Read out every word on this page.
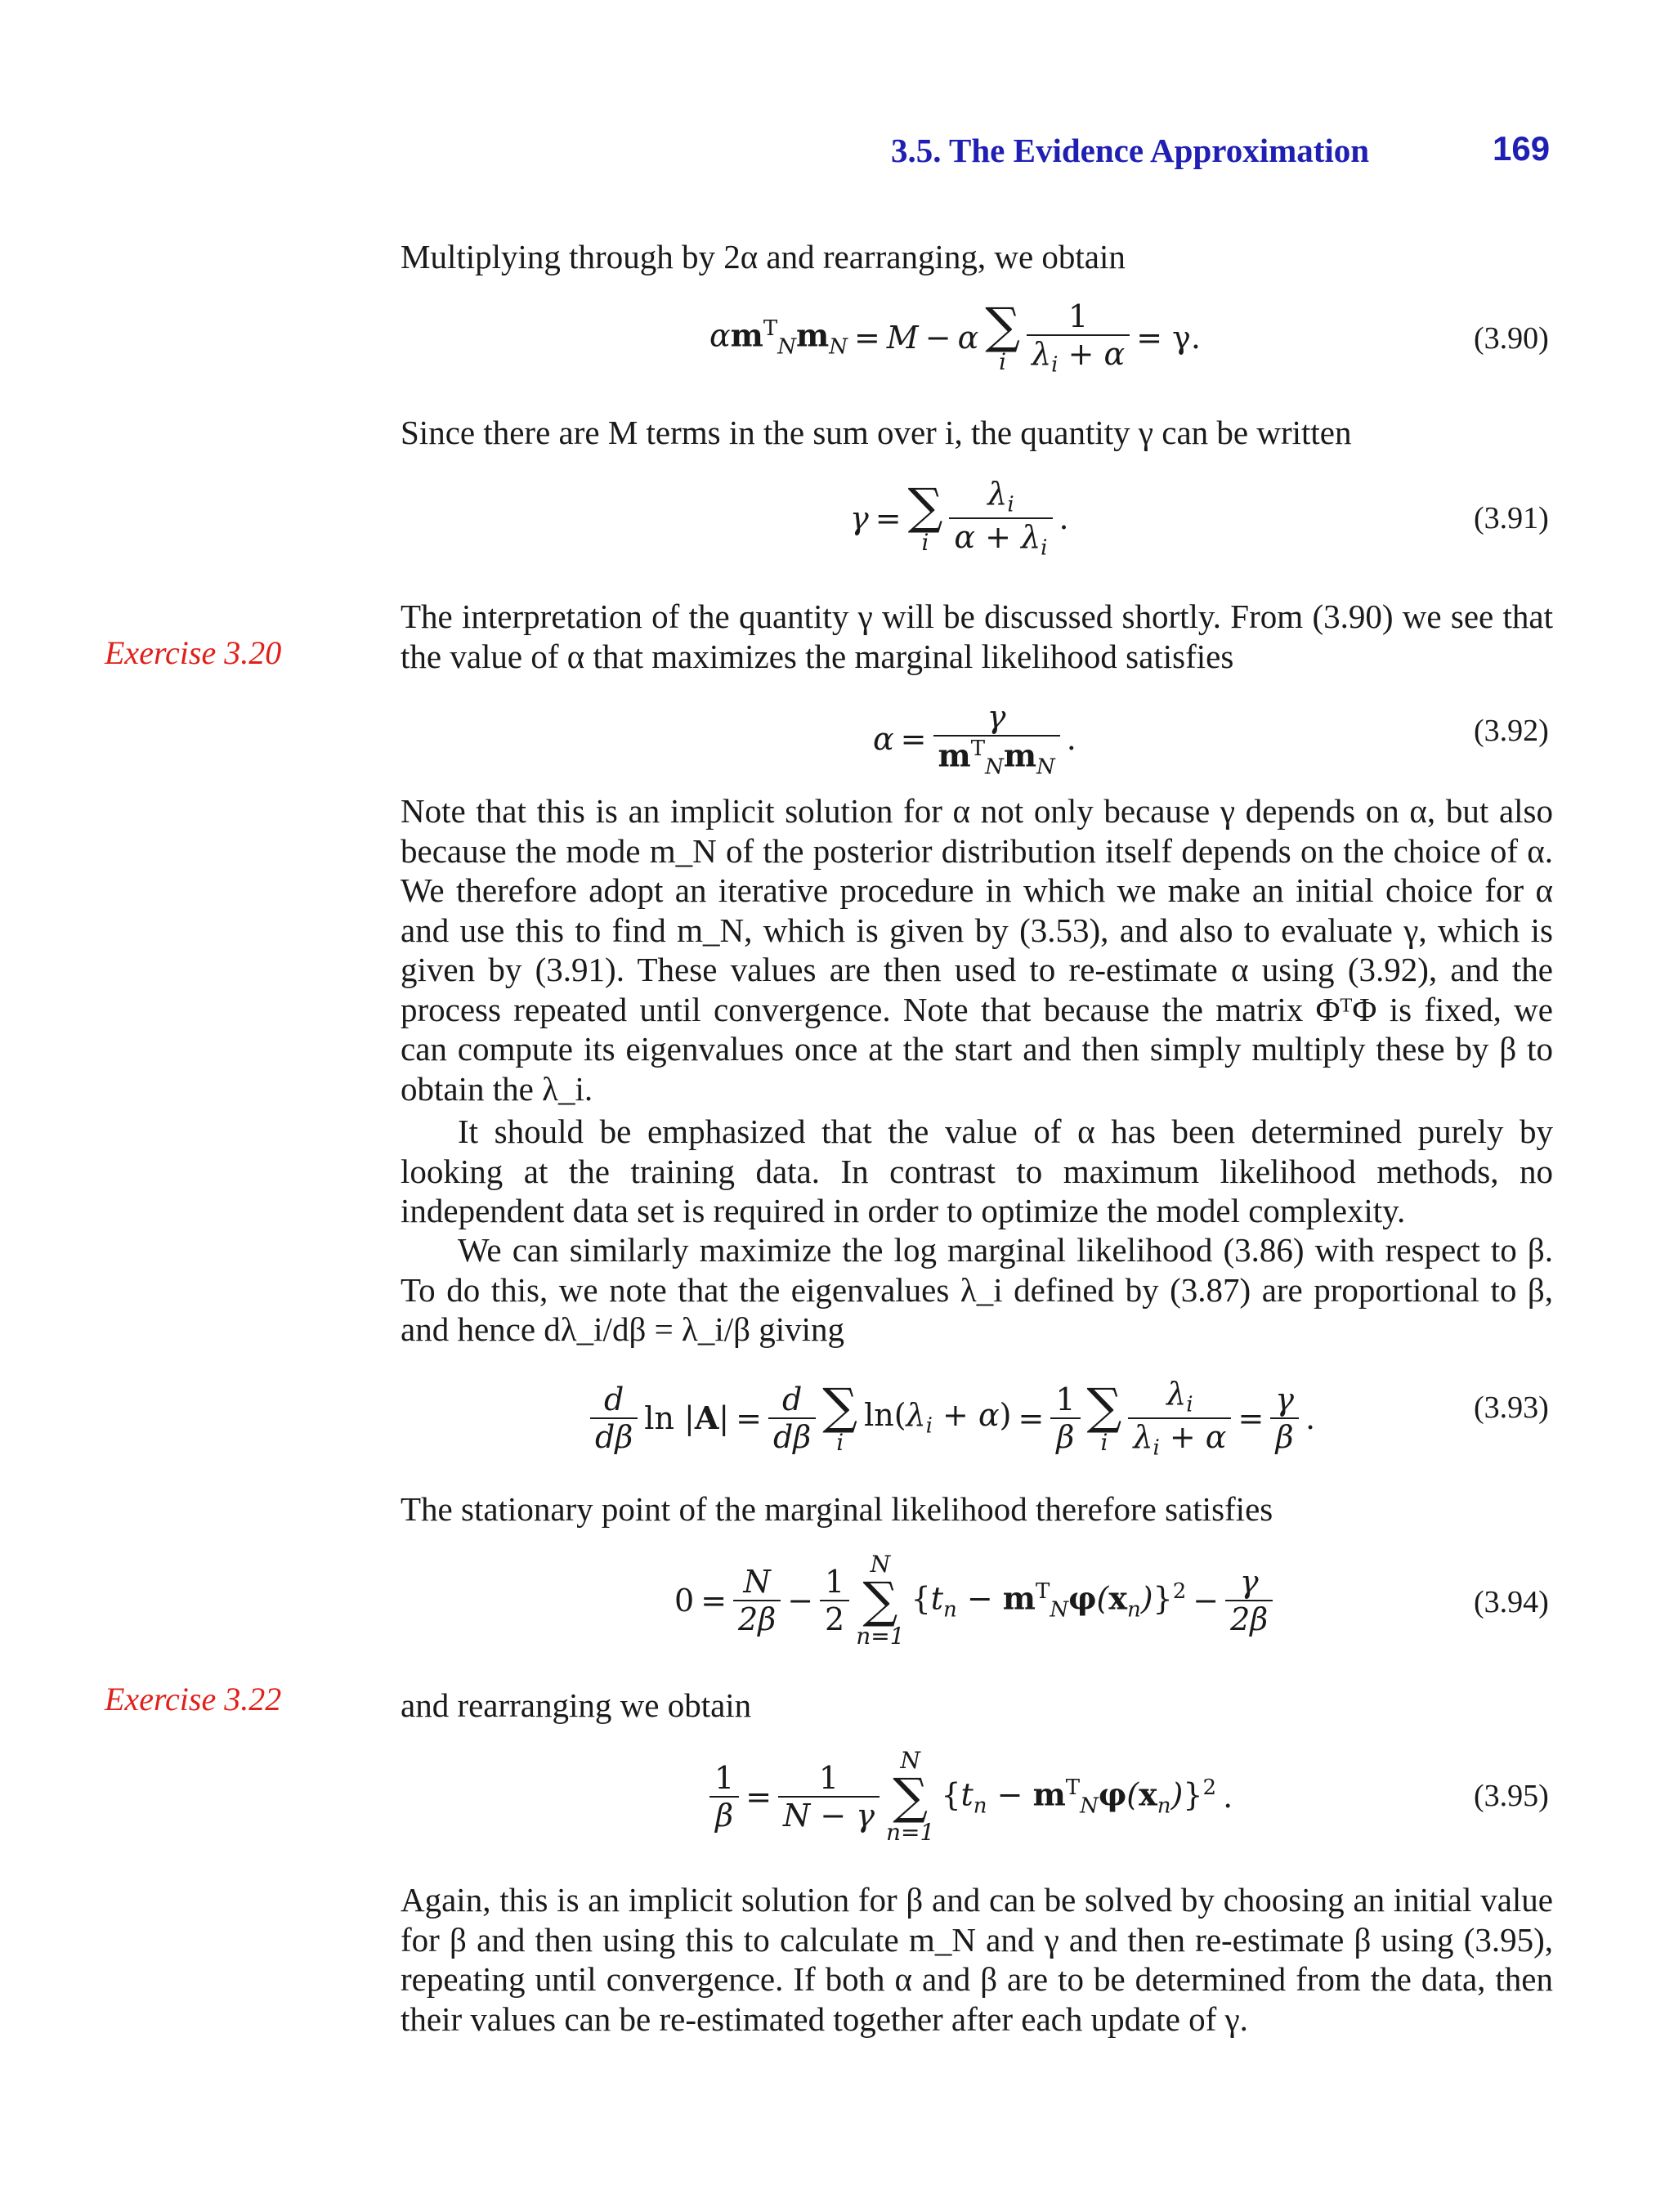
3.5. The Evidence Approximation	169
Exercise 3.20
Exercise 3.22

Multiplying through by 2α and rearranging, we obtain

$\alpha m^T_Nm_N = M - \alpha$ ∑
i $\frac{1}{\lambda_i + \alpha} = \gamma$.	(3.90)

Since there are M terms in the sum over i, the quantity γ can be written

γ = ∑
i $\frac{\lambda_i}{\alpha + \lambda_i}$ .	(3.91)

The interpretation of the quantity γ will be discussed shortly. From (3.90) we see that the value of α that maximizes the marginal likelihood satisfies

$\alpha = \frac{\gamma}{m^T_Nm_N}$ .	(3.92)

Note that this is an implicit solution for α not only because γ depends on α, but also because the mode m_N of the posterior distribution itself depends on the choice of α. We therefore adopt an iterative procedure in which we make an initial choice for α and use this to find m_N, which is given by (3.53), and also to evaluate γ, which is given by (3.91). These values are then used to re-estimate α using (3.92), and the process repeated until convergence. Note that because the matrix ΦᵀΦ is fixed, we can compute its eigenvalues once at the start and then simply multiply these by β to obtain the λ_i.

It should be emphasized that the value of α has been determined purely by looking at the training data. In contrast to maximum likelihood methods, no independent data set is required in order to optimize the model complexity.

We can similarly maximize the log marginal likelihood (3.86) with respect to β. To do this, we note that the eigenvalues λ_i defined by (3.87) are proportional to β, and hence dλ_i/dβ = λ_i/β giving

$\frac{d}{d\beta}$ $\ln |A| = \frac{d}{d\beta}$ ∑
i
$\ln(\lambda_i + \alpha) = \frac{1}{\beta}$ ∑
i $\frac{\lambda_i}{\lambda_i + \alpha} = \frac{\gamma}{\beta}$ .	(3.93)

The stationary point of the marginal likelihood therefore satisfies

$0 = \frac{N}{2\beta} - \frac{1}{2}$ N
∑
n=1
$\{t_n - m^T_N\varphi(x_n)\}^2 - \frac{\gamma}{2\beta}$	(3.94)

and rearranging we obtain

$\frac{1}{\beta} = \frac{1}{N - \gamma}$ N
∑
n=1
$\{t_n - m^T_N\varphi(x_n)\}^2$ .	(3.95)

Again, this is an implicit solution for β and can be solved by choosing an initial value for β and then using this to calculate m_N and γ and then re-estimate β using (3.95), repeating until convergence. If both α and β are to be determined from the data, then their values can be re-estimated together after each update of γ.
